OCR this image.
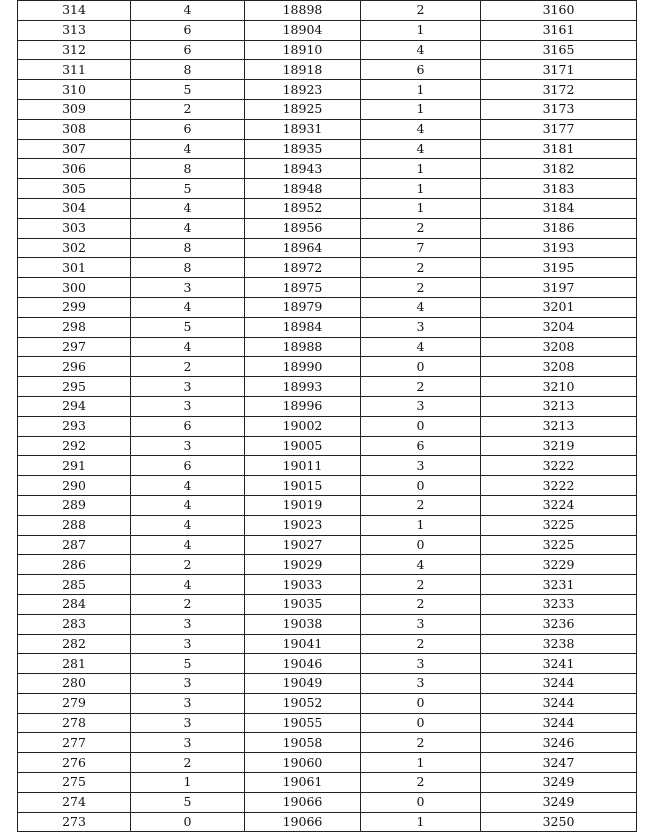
314	4	18898	2	3160
313	6	18904	1	3161
312	6	18910	4	3165
311	8	18918	6	3171
310	5	18923	1	3172
309	2	18925	1	3173
308	6	18931	4	3177
307	4	18935	4	3181
306	8	18943	1	3182
305	5	18948	1	3183
304	4	18952	1	3184
303	4	18956	2	3186
302	8	18964	7	3193
301	8	18972	2	3195
300	3	18975	2	3197
299	4	18979	4	3201
298	5	18984	3	3204
297	4	18988	4	3208
296	2	18990	0	3208
295	3	18993	2	3210
294	3	18996	3	3213
293	6	19002	0	3213
292	3	19005	6	3219
291	6	19011	3	3222
290	4	19015	0	3222
289	4	19019	2	3224
288	4	19023	1	3225
287	4	19027	0	3225
286	2	19029	4	3229
285	4	19033	2	3231
284	2	19035	2	3233
283	3	19038	3	3236
282	3	19041	2	3238
281	5	19046	3	3241
280	3	19049	3	3244
279	3	19052	0	3244
278	3	19055	0	3244
277	3	19058	2	3246
276	2	19060	1	3247
275	1	19061	2	3249
274	5	19066	0	3249
273	0	19066	1	3250
